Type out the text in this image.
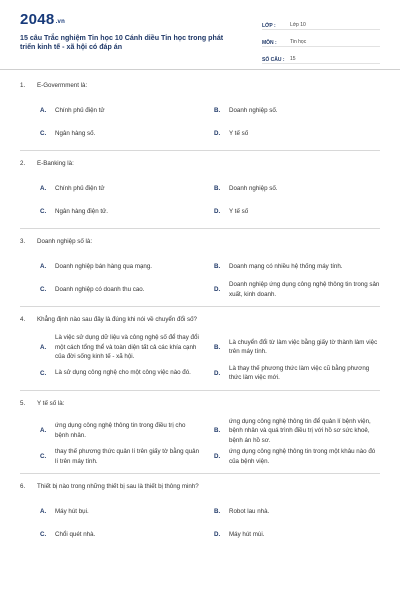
2048.vn
15 câu Trắc nghiệm Tin học 10 Cánh diều Tin học trong phát triển kinh tế - xã hội có đáp án
LỚP :	Lớp 10
MÔN :	Tin học
SỐ CÂU :	15
1. E-Govermment là:
A.	Chính phủ điện tử	B.	Doanh nghiệp số.
C.	Ngân hàng số.	D.	Y tế số
2. E-Banking là:
A.	Chính phủ điện tử	B.	Doanh nghiệp số.
C.	Ngân hàng điện tử.	D.	Y tế số
3. Doanh nghiệp số là:
A.	Doanh nghiệp bán hàng qua mạng.	B.	Doanh mạng có nhiều hệ thống máy tính.
C.	Doanh nghiệp có doanh thu cao.	D.
Doanh nghiệp ứng dụng công nghệ thông tin trong sản xuất, kinh doanh.
4. Khẳng định nào sau đây là đúng khi nói về chuyển đổi số?
A.
Là việc sử dụng dữ liệu và công nghệ số để thay đổi một cách tổng thể và toàn diện tất cả các khía cạnh của đời sống kinh tế - xã hội.
B.
Là chuyển đổi từ làm việc bằng giấy tờ thành làm việc trên máy tính.
C.	Là sử dụng công nghệ cho một công việc nào đó.	D.
Là thay thế phương thức làm việc cũ bằng phương thức làm việc mới.
5. Y tế số là:
A.
ứng dụng công nghệ thông tin trong điều trị cho bệnh nhân.
B.
ứng dụng công nghệ thông tin để quản lí bệnh viện, bệnh nhân và quá trình điều trị với hồ sơ sức khoẻ, bệnh án hồ sơ.
C.
thay thế phương thức quản lí trên giấy tờ bằng quản lí trên máy tính.
D.
ứng dụng công nghệ thông tin trong một khâu nào đó của bệnh viện.
6. Thiết bị nào trong những thiết bị sau là thiết bị thông minh?
A.	Máy hút bụi.	B.	Robot lau nhà.
C.	Chổi quét nhà.	D.	Máy hút mùi.
